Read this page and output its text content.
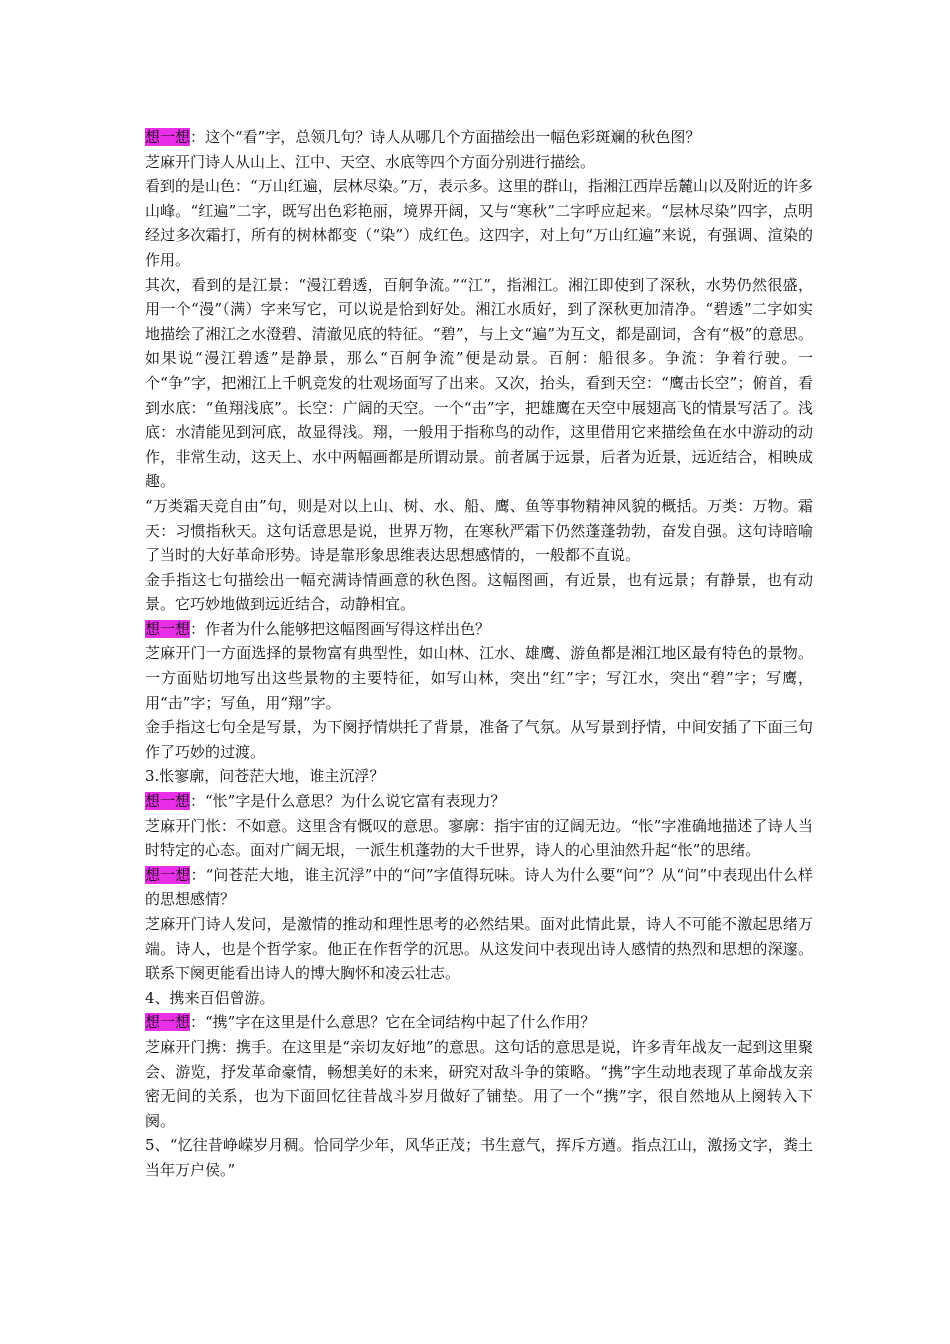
想一想：这个“看”字，总领几句？诗人从哪几个方面描绘出一幅色彩斑斓的秋色图？

芝麻开门诗人从山上、江中、天空、水底等四个方面分别进行描绘。

看到的是山色：“万山红遍，层林尽染。”万，表示多。这里的群山，指湘江西岸岳麓山以及附近的许多山峰。“红遍”二字，既写出色彩艳丽，境界开阔，又与“寒秋”二字呼应起来。“层林尽染”四字，点明经过多次霜打，所有的树林都变（“染”）成红色。这四字，对上句“万山红遍”来说，有强调、渲染的作用。

其次，看到的是江景：“漫江碧透，百舸争流。”“江”，指湘江。湘江即使到了深秋，水势仍然很盛，用一个“漫”（满）字来写它，可以说是恰到好处。湘江水质好，到了深秋更加清净。“碧透”二字如实地描绘了湘江之水澄碧、清澈见底的特征。“碧”，与上文“遍”为互文，都是副词，含有“极”的意思。如果说“漫江碧透”是静景，那么“百舸争流”便是动景。百舸：船很多。争流：争着行驶。一个“争”字，把湘江上千帆竞发的壮观场面写了出来。又次，抬头，看到天空：“鹰击长空”；俯首，看到水底：“鱼翔浅底”。长空：广阔的天空。一个“击”字，把雄鹰在天空中展翅高飞的情景写活了。浅底：水清能见到河底，故显得浅。翔，一般用于指称鸟的动作，这里借用它来描绘鱼在水中游动的动作，非常生动，这天上、水中两幅画都是所谓动景。前者属于远景，后者为近景，远近结合，相映成趣。

“万类霜天竞自由”句，则是对以上山、树、水、船、鹰、鱼等事物精神风貌的概括。万类：万物。霜天：习惯指秋天。这句话意思是说，世界万物，在寒秋严霜下仍然蓬蓬勃勃，奋发自强。这句诗暗喻了当时的大好革命形势。诗是靠形象思维表达思想感情的，一般都不直说。

金手指这七句描绘出一幅充满诗情画意的秋色图。这幅图画，有近景，也有远景；有静景，也有动景。它巧妙地做到远近结合，动静相宜。

想一想：作者为什么能够把这幅图画写得这样出色？

芝麻开门一方面选择的景物富有典型性，如山林、江水、雄鹰、游鱼都是湘江地区最有特色的景物。一方面贴切地写出这些景物的主要特征，如写山林，突出“红”字；写江水，突出“碧”字；写鹰，用“击”字；写鱼，用“翔”字。

金手指这七句全是写景，为下阕抒情烘托了背景，准备了气氛。从写景到抒情，中间安插了下面三句作了巧妙的过渡。

3.怅寥廓，问苍茫大地，谁主沉浮？

想一想：“怅”字是什么意思？为什么说它富有表现力？

芝麻开门怅：不如意。这里含有慨叹的意思。寥廓：指宇宙的辽阔无边。“怅”字准确地描述了诗人当时特定的心态。面对广阔无垠，一派生机蓬勃的大千世界，诗人的心里油然升起“怅”的思绪。

想一想：“问苍茫大地，谁主沉浮”中的“问”字值得玩味。诗人为什么要“问”？从“问”中表现出什么样的思想感情？

芝麻开门诗人发问，是激情的推动和理性思考的必然结果。面对此情此景，诗人不可能不激起思绪万端。诗人，也是个哲学家。他正在作哲学的沉思。从这发问中表现出诗人感情的热烈和思想的深邃。联系下阕更能看出诗人的博大胸怀和凌云壮志。

4、携来百侣曾游。

想一想：“携”字在这里是什么意思？它在全词结构中起了什么作用？

芝麻开门携：携手。在这里是“亲切友好地”的意思。这句话的意思是说，许多青年战友一起到这里聚会、游览，抒发革命豪情，畅想美好的未来，研究对敌斗争的策略。“携”字生动地表现了革命战友亲密无间的关系，也为下面回忆往昔战斗岁月做好了铺垫。用了一个“携”字，很自然地从上阕转入下阕。

5、“忆往昔峥嵘岁月稠。恰同学少年，风华正茂；书生意气，挥斥方遒。指点江山，激扬文字，粪土当年万户侯。”
